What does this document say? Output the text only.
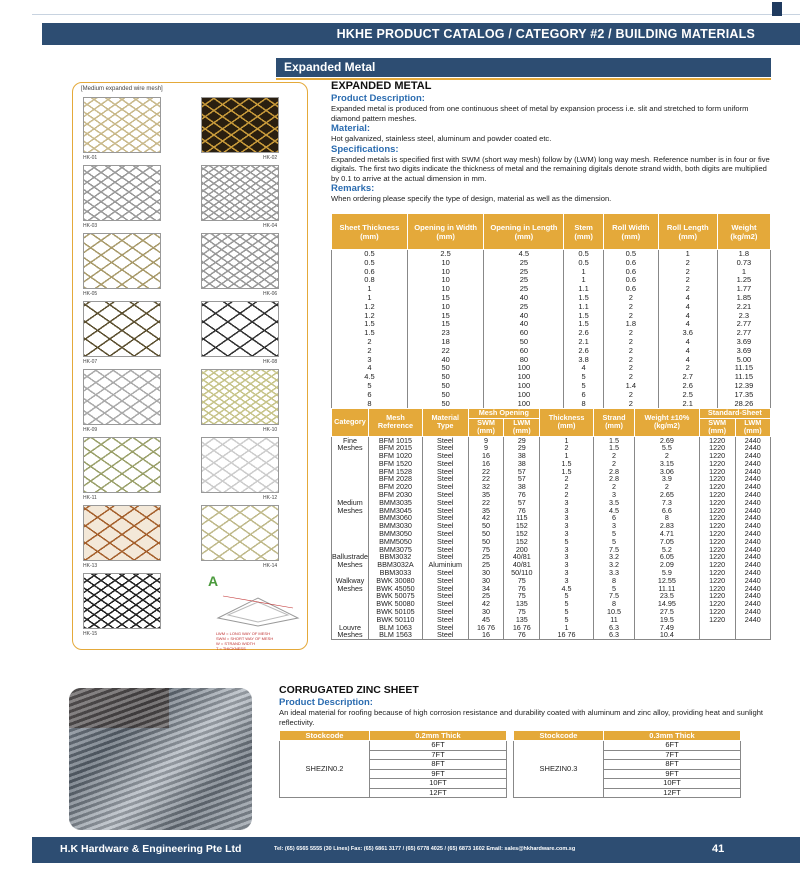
HKHE PRODUCT CATALOG / CATEGORY #2 / BUILDING MATERIALS
Expanded Metal
[Medium expanded wire mesh]
HK-01	HK-02
HK-03	HK-04
HK-05	HK-06
HK-07	HK-08
HK-09	HK-10
HK-11	HK-12
HK-13	HK-14
HK-15
A
LWM = LONG WAY OF MESH
SWM = SHORT WAY OF MESH
W = STRAND WIDTH
T = THICKNESS
EXPANDED METAL
Product Description:
Expanded metal is produced from one continuous sheet of metal by expansion process i.e. slit and stretched to form uniform diamond pattern meshes.
Material:
Hot galvanized, stainless steel, aluminum and powder coated etc.
Specifications:
Expanded metals is specified first with SWM (short way mesh) follow by (LWM) long way mesh. Reference number is in four or five digitals. The first two digits indicate the thickness of metal and the remaining digitals denote strand width, both digits are multiplied by 0.1 to arrive at the actual dimension in mm.
Remarks:
When ordering please specify the type of design, material as well as the dimension.
Sheet Thickness (mm)	Opening in Width (mm)	Opening in Length (mm)	Stem (mm)	Roll Width (mm)	Roll Length (mm)	Weight (kg/m2)
0.5	2.5	4.5	0.5	0.5	1	1.8
0.5	10	25	0.5	0.6	2	0.73
0.6	10	25	1	0.6	2	1
0.8	10	25	1	0.6	2	1.25
1	10	25	1.1	0.6	2	1.77
1	15	40	1.5	2	4	1.85
1.2	10	25	1.1	2	4	2.21
1.2	15	40	1.5	2	4	2.3
1.5	15	40	1.5	1.8	4	2.77
1.5	23	60	2.6	2	3.6	2.77
2	18	50	2.1	2	4	3.69
2	22	60	2.6	2	4	3.69
3	40	80	3.8	2	4	5.00
4	50	100	4	2	2	11.15
4.5	50	100	5	2	2.7	11.15
5	50	100	5	1.4	2.6	12.39
6	50	100	6	2	2.5	17.35
8	50	100	8	2	2.1	28.26
Category	Mesh Reference	Material Type	Mesh Opening		Thickness (mm)	Strand (mm)	Weight ±10% (kg/m2)	Standard-Sheet	
			SWM (mm)	LWM (mm)				SWM (mm)	LWM (mm)
Fine	BFM 1015	Steel	9	29	1	1.5	2.69	1220	2440
Meshes	BFM 2015	Steel	9	29	2	1.5	5.5	1220	2440
	BFM 1020	Steel	16	38	1	2	2	1220	2440
	BFM 1520	Steel	16	38	1.5	2	3.15	1220	2440
	BFM 1528	Steel	22	57	1.5	2.8	3.06	1220	2440
	BFM 2028	Steel	22	57	2	2.8	3.9	1220	2440
	BFM 2020	Steel	32	38	2	2	2	1220	2440
	BFM 2030	Steel	35	76	2	3	2.65	1220	2440
Medium	BMM3035	Steel	22	57	3	3.5	7.3	1220	2440
Meshes	BMM3045	Steel	35	76	3	4.5	6.6	1220	2440
	BMM3060	Steel	42	115	3	6	8	1220	2440
	BMM3030	Steel	50	152	3	3	2.83	1220	2440
	BMM3050	Steel	50	152	3	5	4.71	1220	2440
	BMM5050	Steel	50	152	5	5	7.05	1220	2440
	BMM3075	Steel	75	200	3	7.5	5.2	1220	2440
Ballustrade	BBM3032	Steel	25	40/81	3	3.2	6.05	1220	2440
Meshes	BBM3032A	Aluminium	25	40/81	3	3.2	2.09	1220	2440
	BBM3033	Steel	30	50/110	3	3.3	5.9	1220	2440
Walkway	BWK 30080	Steel	30	75	3	8	12.55	1220	2440
Meshes	BWK 45050	Steel	34	76	4.5	5	11.11	1220	2440
	BWK 50075	Steel	25	75	5	7.5	23.5	1220	2440
	BWK 50080	Steel	42	135	5	8	14.95	1220	2440
	BWK 50105	Steel	30	75	5	10.5	27.5	1220	2440
	BWK 50110	Steel	45	135	5	11	19.5	1220	2440
Louvre	BLM 1063	Steel	16 76	16 76	1	6.3	7.49		
Meshes	BLM 1563	Steel	16	76	16 76	6.3	10.4		
CORRUGATED ZINC SHEET
Product Description:
An ideal material for roofing because of high corrosion resistance and durability coated with aluminum and zinc alloy, providing heat and sunlight reflectivity.
Stockcode	0.2mm Thick
SHEZIN0.2	6FT
	7FT
	8FT
	9FT
	10FT
	12FT
Stockcode	0.3mm Thick
SHEZIN0.3	6FT
	7FT
	8FT
	9FT
	10FT
	12FT
H.K Hardware & Engineering Pte Ltd	Tel: (65) 6565 5555 (30 Lines) Fax: (65) 6861 3177 / (65) 6778 4025 / (65) 6873 1602 Email: sales@hkhardware.com.sg	41
